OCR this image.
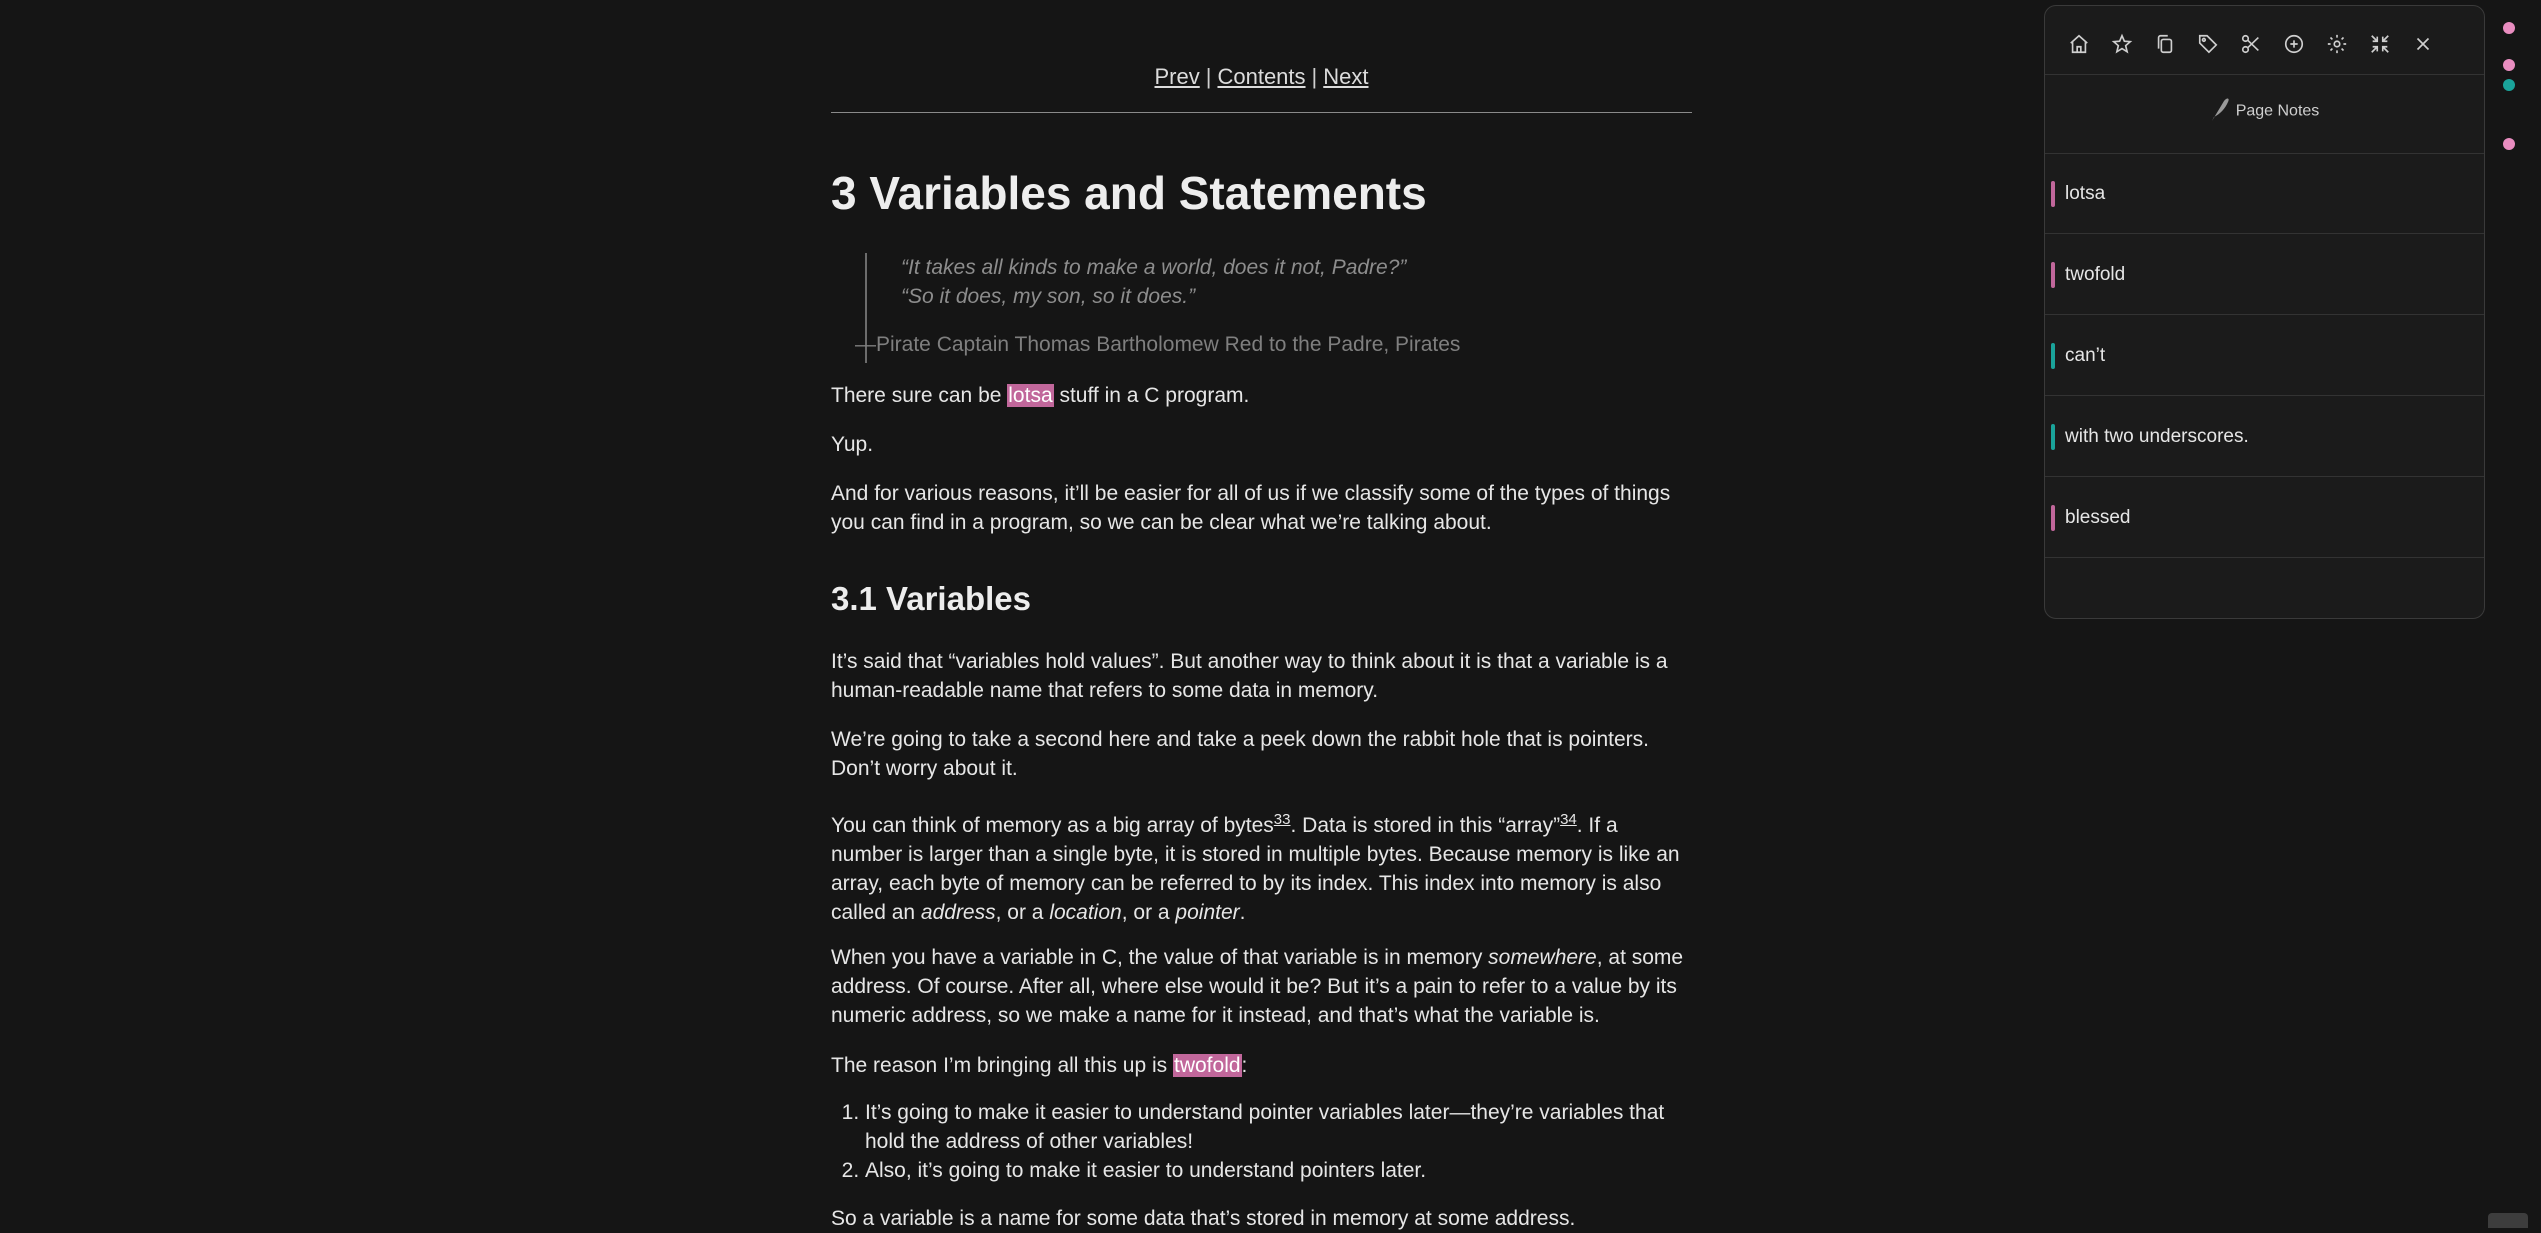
Prev | Contents | Next
3 Variables and Statements
“It takes all kinds to make a world, does it not, Padre?”
“So it does, my son, so it does.”
—Pirate Captain Thomas Bartholomew Red to the Padre, Pirates
There sure can be lotsa stuff in a C program.
Yup.
And for various reasons, it’ll be easier for all of us if we classify some of the types of things you can find in a program, so we can be clear what we’re talking about.
3.1 Variables
It’s said that “variables hold values”. But another way to think about it is that a variable is a human-readable name that refers to some data in memory.
We’re going to take a second here and take a peek down the rabbit hole that is pointers. Don’t worry about it.
You can think of memory as a big array of bytes$^{33}$. Data is stored in this “array”$^{34}$. If a number is larger than a single byte, it is stored in multiple bytes. Because memory is like an array, each byte of memory can be referred to by its index. This index into memory is also called an address, or a location, or a pointer.
When you have a variable in C, the value of that variable is in memory somewhere, at some address. Of course. After all, where else would it be? But it’s a pain to refer to a value by its numeric address, so we make a name for it instead, and that’s what the variable is.
The reason I’m bringing all this up is twofold:
1. It’s going to make it easier to understand pointer variables later—they’re variables that hold the address of other variables!
2. Also, it’s going to make it easier to understand pointers later.
So a variable is a name for some data that’s stored in memory at some address.
Page Notes
lotsa
twofold
can’t
with two underscores.
blessed
